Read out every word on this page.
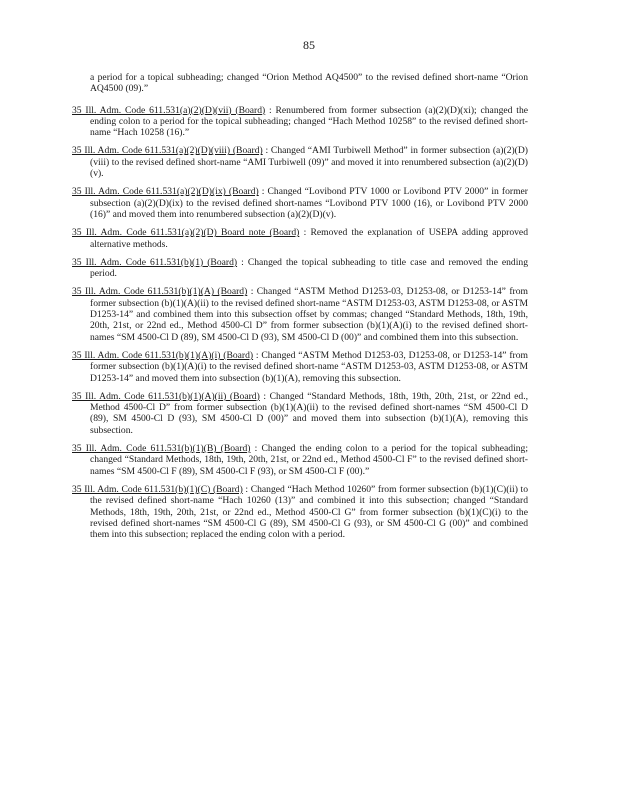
85

a period for a topical subheading; changed “Orion Method AQ4500” to the revised defined short-name “Orion AQ4500 (09).”

35 Ill. Adm. Code 611.531(a)(2)(D)(vii) (Board) : Renumbered from former subsection (a)(2)(D)(xi); changed the ending colon to a period for the topical subheading; changed “Hach Method 10258” to the revised defined short-name “Hach 10258 (16).”

35 Ill. Adm. Code 611.531(a)(2)(D)(viii) (Board) : Changed “AMI Turbiwell Method” in former subsection (a)(2)(D)(viii) to the revised defined short-name “AMI Turbiwell (09)” and moved it into renumbered subsection (a)(2)(D)(v).

35 Ill. Adm. Code 611.531(a)(2)(D)(ix) (Board) : Changed “Lovibond PTV 1000 or Lovibond PTV 2000” in former subsection (a)(2)(D)(ix) to the revised defined short-names “Lovibond PTV 1000 (16), or Lovibond PTV 2000 (16)” and moved them into renumbered subsection (a)(2)(D)(v).

35 Ill. Adm. Code 611.531(a)(2)(D) Board note (Board) : Removed the explanation of USEPA adding approved alternative methods.

35 Ill. Adm. Code 611.531(b)(1) (Board) : Changed the topical subheading to title case and removed the ending period.

35 Ill. Adm. Code 611.531(b)(1)(A) (Board) : Changed “ASTM Method D1253-03, D1253-08, or D1253-14” from former subsection (b)(1)(A)(ii) to the revised defined short-name “ASTM D1253-03, ASTM D1253-08, or ASTM D1253-14” and combined them into this subsection offset by commas; changed “Standard Methods, 18th, 19th, 20th, 21st, or 22nd ed., Method 4500-Cl D” from former subsection (b)(1)(A)(i) to the revised defined short-names “SM 4500-Cl D (89), SM 4500-Cl D (93), SM 4500-Cl D (00)” and combined them into this subsection.

35 Ill. Adm. Code 611.531(b)(1)(A)(i) (Board) : Changed “ASTM Method D1253-03, D1253-08, or D1253-14” from former subsection (b)(1)(A)(i) to the revised defined short-name “ASTM D1253-03, ASTM D1253-08, or ASTM D1253-14” and moved them into subsection (b)(1)(A), removing this subsection.

35 Ill. Adm. Code 611.531(b)(1)(A)(ii) (Board) : Changed “Standard Methods, 18th, 19th, 20th, 21st, or 22nd ed., Method 4500-Cl D” from former subsection (b)(1)(A)(ii) to the revised defined short-names “SM 4500-Cl D (89), SM 4500-Cl D (93), SM 4500-Cl D (00)” and moved them into subsection (b)(1)(A), removing this subsection.

35 Ill. Adm. Code 611.531(b)(1)(B) (Board) : Changed the ending colon to a period for the topical subheading; changed “Standard Methods, 18th, 19th, 20th, 21st, or 22nd ed., Method 4500-Cl F” to the revised defined short-names “SM 4500-Cl F (89), SM 4500-Cl F (93), or SM 4500-Cl F (00).”

35 Ill. Adm. Code 611.531(b)(1)(C) (Board) : Changed “Hach Method 10260” from former subsection (b)(1)(C)(ii) to the revised defined short-name “Hach 10260 (13)” and combined it into this subsection; changed “Standard Methods, 18th, 19th, 20th, 21st, or 22nd ed., Method 4500-Cl G” from former subsection (b)(1)(C)(i) to the revised defined short-names “SM 4500-Cl G (89), SM 4500-Cl G (93), or SM 4500-Cl G (00)” and combined them into this subsection; replaced the ending colon with a period.
